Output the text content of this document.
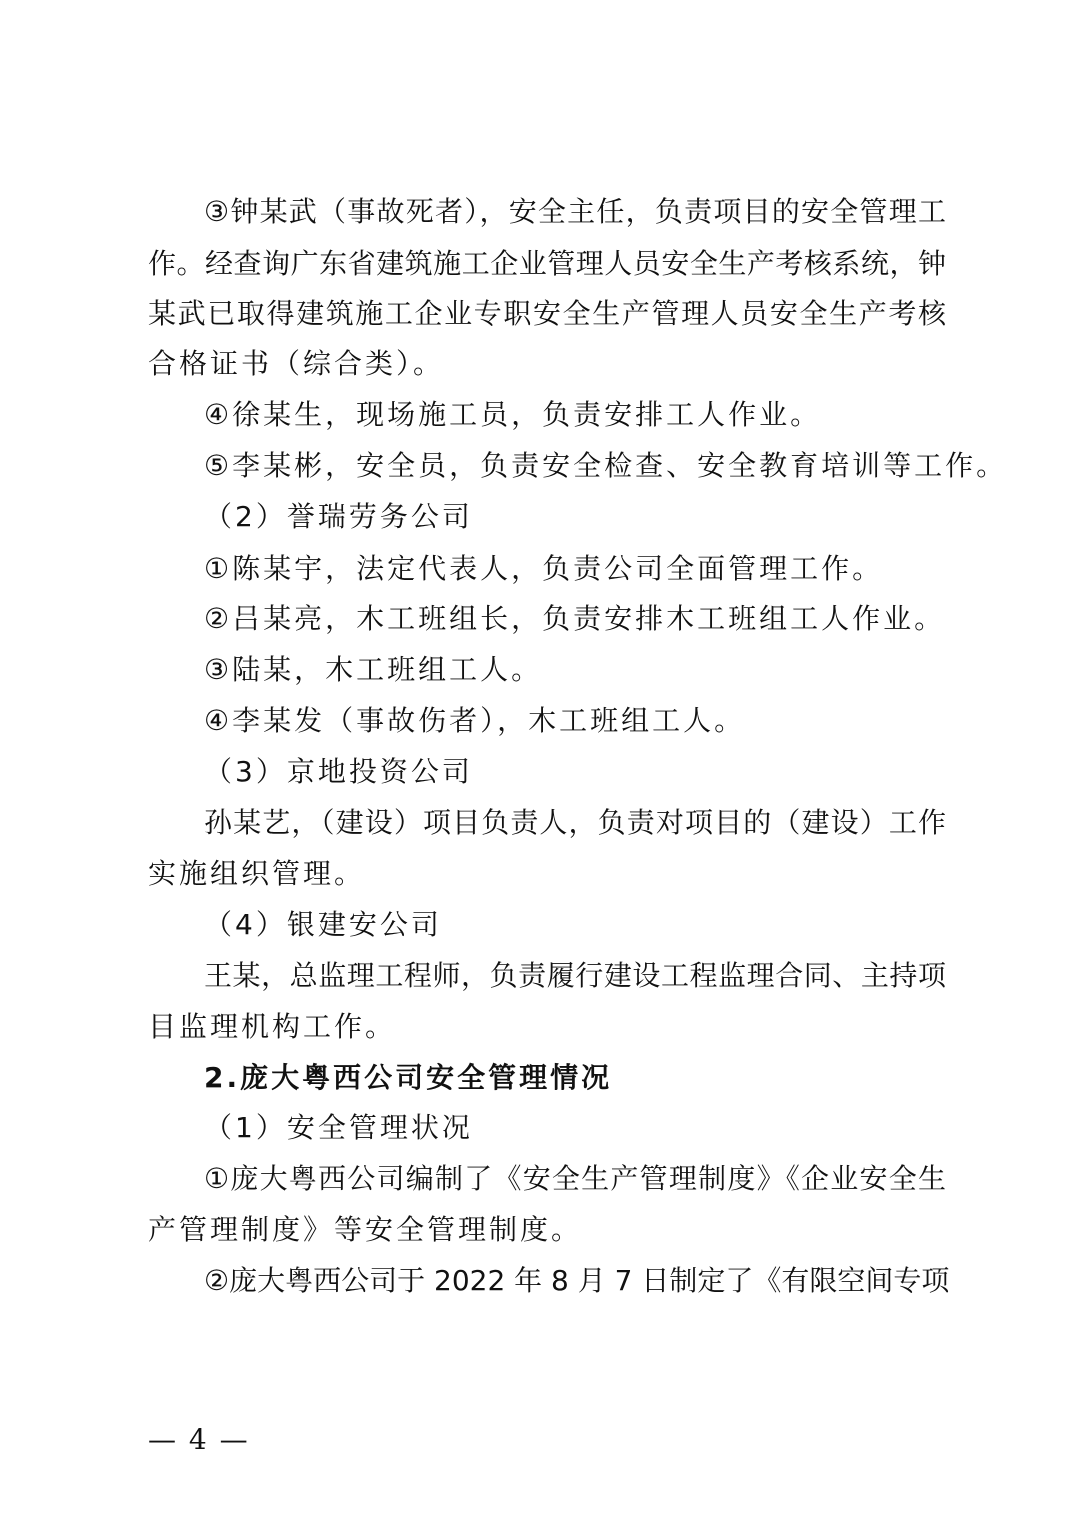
③钟某武（事故死者），安全主任，负责项目的安全管理工
作。经查询广东省建筑施工企业管理人员安全生产考核系统，钟
某武已取得建筑施工企业专职安全生产管理人员安全生产考核
合格证书（综合类）。
④徐某生，现场施工员，负责安排工人作业。
⑤李某彬，安全员，负责安全检查、安全教育培训等工作。
（2）誉瑞劳务公司
①陈某宇，法定代表人，负责公司全面管理工作。
②吕某亮，木工班组长，负责安排木工班组工人作业。
③陆某，木工班组工人。
④李某发（事故伤者），木工班组工人。
（3）京地投资公司
孙某艺，（建设）项目负责人，负责对项目的（建设）工作
实施组织管理。
（4）银建安公司
王某，总监理工程师，负责履行建设工程监理合同、主持项
目监理机构工作。
2.庞大粤西公司安全管理情况
（1）安全管理状况
①庞大粤西公司编制了《安全生产管理制度》《企业安全生
产管理制度》等安全管理制度。
②庞大粤西公司于 2022 年 8 月 7 日制定了《有限空间专项
— 4 —
